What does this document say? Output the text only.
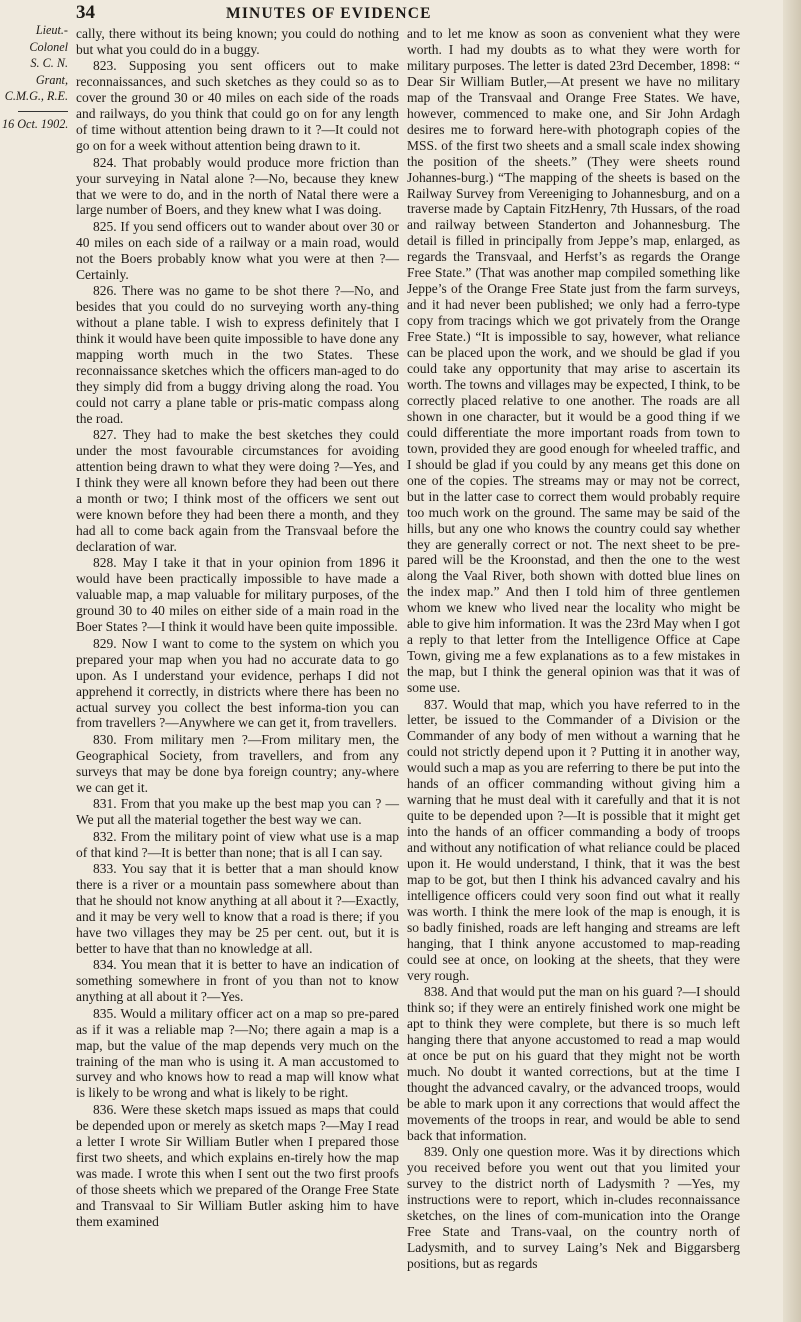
34	MINUTES OF EVIDENCE
Lieut.-
Colonel
S. C. N.
Grant,
C.M.G., R.E.
16 Oct. 1902.

cally, there without its being known; you could do nothing but what you could do in a buggy.

823. Supposing you sent officers out to make reconnaissances, and such sketches as they could so as to cover the ground 30 or 40 miles on each side of the roads and railways, do you think that could go on for any length of time without attention being drawn to it ?—It could not go on for a week without attention being drawn to it.

824. That probably would produce more friction than your surveying in Natal alone ?—No, because they knew that we were to do, and in the north of Natal there were a large number of Boers, and they knew what I was doing.

825. If you send officers out to wander about over 30 or 40 miles on each side of a railway or a main road, would not the Boers probably know what you were at then ?—Certainly.

826. There was no game to be shot there ?—No, and besides that you could do no surveying worth any-thing without a plane table. I wish to express definitely that I think it would have been quite impossible to have done any mapping worth much in the two States. These reconnaissance sketches which the officers man-aged to do they simply did from a buggy driving along the road. You could not carry a plane table or pris-matic compass along the road.

827. They had to make the best sketches they could under the most favourable circumstances for avoiding attention being drawn to what they were doing ?—Yes, and I think they were all known before they had been out there a month or two; I think most of the officers we sent out were known before they had been there a month, and they had all to come back again from the Transvaal before the declaration of war.

828. May I take it that in your opinion from 1896 it would have been practically impossible to have made a valuable map, a map valuable for military purposes, of the ground 30 to 40 miles on either side of a main road in the Boer States ?—I think it would have been quite impossible.

829. Now I want to come to the system on which you prepared your map when you had no accurate data to go upon. As I understand your evidence, perhaps I did not apprehend it correctly, in districts where there has been no actual survey you collect the best informa-tion you can from travellers ?—Anywhere we can get it, from travellers.

830. From military men ?—From military men, the Geographical Society, from travellers, and from any surveys that may be done bya foreign country; any-where we can get it.

831. From that you make up the best map you can ? —We put all the material together the best way we can.

832. From the military point of view what use is a map of that kind ?—It is better than none; that is all I can say.

833. You say that it is better that a man should know there is a river or a mountain pass somewhere about than that he should not know anything at all about it ?—Exactly, and it may be very well to know that a road is there; if you have two villages they may be 25 per cent. out, but it is better to have that than no knowledge at all.

834. You mean that it is better to have an indication of something somewhere in front of you than not to know anything at all about it ?—Yes.

835. Would a military officer act on a map so pre-pared as if it was a reliable map ?—No; there again a map is a map, but the value of the map depends very much on the training of the man who is using it. A man accustomed to survey and who knows how to read a map will know what is likely to be wrong and what is likely to be right.

836. Were these sketch maps issued as maps that could be depended upon or merely as sketch maps ?—May I read a letter I wrote Sir William Butler when I prepared those first two sheets, and which explains en-tirely how the map was made. I wrote this when I sent out the two first proofs of those sheets which we prepared of the Orange Free State and Transvaal to Sir William Butler asking him to have them examined

and to let me know as soon as convenient what they were worth. I had my doubts as to what they were worth for military purposes. The letter is dated 23rd December, 1898: “ Dear Sir William Butler,—At present we have no military map of the Transvaal and Orange Free States. We have, however, commenced to make one, and Sir John Ardagh desires me to forward here-with photograph copies of the MSS. of the first two sheets and a small scale index showing the position of the sheets.” (They were sheets round Johannes-burg.) “The mapping of the sheets is based on the Railway Survey from Vereeniging to Johannesburg, and on a traverse made by Captain FitzHenry, 7th Hussars, of the road and railway between Standerton and Johannesburg. The detail is filled in principally from Jeppe’s map, enlarged, as regards the Transvaal, and Herfst’s as regards the Orange Free State.” (That was another map compiled something like Jeppe’s of the Orange Free State just from the farm surveys, and it had never been published; we only had a ferro-type copy from tracings which we got privately from the Orange Free State.) “It is impossible to say, however, what reliance can be placed upon the work, and we should be glad if you could take any opportunity that may arise to ascertain its worth. The towns and villages may be expected, I think, to be correctly placed relative to one another. The roads are all shown in one character, but it would be a good thing if we could differentiate the more important roads from town to town, provided they are good enough for wheeled traffic, and I should be glad if you could by any means get this done on one of the copies. The streams may or may not be correct, but in the latter case to correct them would probably require too much work on the ground. The same may be said of the hills, but any one who knows the country could say whether they are generally correct or not. The next sheet to be pre-pared will be the Kroonstad, and then the one to the west along the Vaal River, both shown with dotted blue lines on the index map.” And then I told him of three gentlemen whom we knew who lived near the locality who might be able to give him information. It was the 23rd May when I got a reply to that letter from the Intelligence Office at Cape Town, giving me a few explanations as to a few mistakes in the map, but I think the general opinion was that it was of some use.

837. Would that map, which you have referred to in the letter, be issued to the Commander of a Division or the Commander of any body of men without a warning that he could not strictly depend upon it ? Putting it in another way, would such a map as you are referring to there be put into the hands of an officer commanding without giving him a warning that he must deal with it carefully and that it is not quite to be depended upon ?—It is possible that it might get into the hands of an officer commanding a body of troops and without any notification of what reliance could be placed upon it. He would understand, I think, that it was the best map to be got, but then I think his advanced cavalry and his intelligence officers could very soon find out what it really was worth. I think the mere look of the map is enough, it is so badly finished, roads are left hanging and streams are left hanging, that I think anyone accustomed to map-reading could see at once, on looking at the sheets, that they were very rough.

838. And that would put the man on his guard ?—I should think so; if they were an entirely finished work one might be apt to think they were complete, but there is so much left hanging there that anyone accustomed to read a map would at once be put on his guard that they might not be worth much. No doubt it wanted corrections, but at the time I thought the advanced cavalry, or the advanced troops, would be able to mark upon it any corrections that would affect the movements of the troops in rear, and would be able to send back that information.

839. Only one question more. Was it by directions which you received before you went out that you limited your survey to the district north of Ladysmith ? —Yes, my instructions were to report, which in-cludes reconnaissance sketches, on the lines of com-munication into the Orange Free State and Trans-vaal, on the country north of Ladysmith, and to survey Laing’s Nek and Biggarsberg positions, but as regards
